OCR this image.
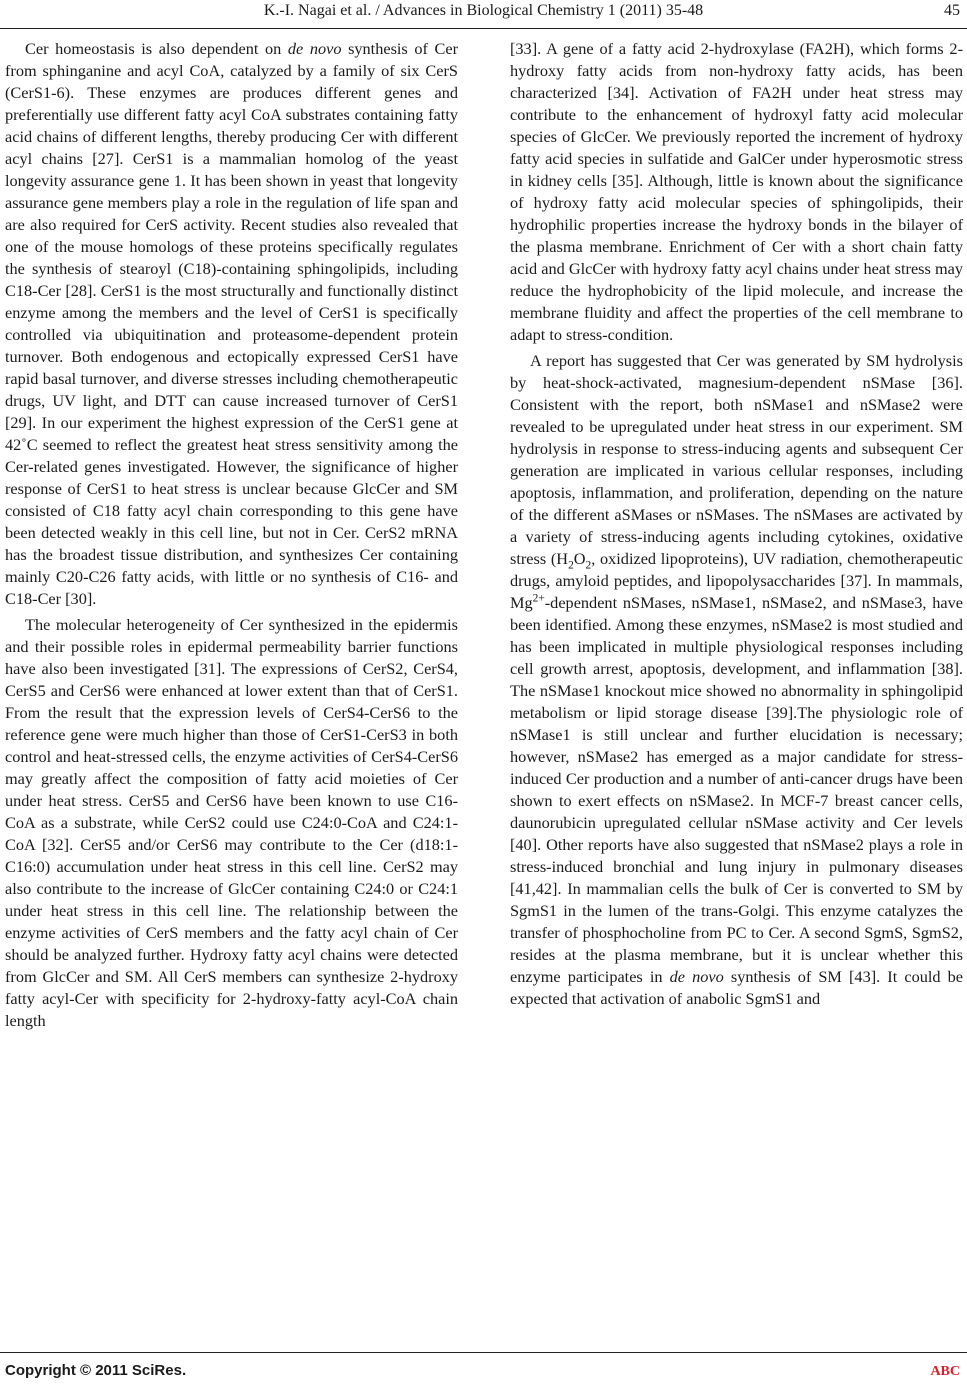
K.-I. Nagai et al. / Advances in Biological Chemistry 1 (2011) 35-48	45

Cer homeostasis is also dependent on de novo synthesis of Cer from sphinganine and acyl CoA, catalyzed by a family of six CerS (CerS1-6). These enzymes are produces different genes and preferentially use different fatty acyl CoA substrates containing fatty acid chains of different lengths, thereby producing Cer with different acyl chains [27]. CerS1 is a mammalian homolog of the yeast longevity assurance gene 1. It has been shown in yeast that longevity assurance gene members play a role in the regulation of life span and are also required for CerS activity. Recent studies also revealed that one of the mouse homologs of these proteins specifically regulates the synthesis of stearoyl (C18)-containing sphingolipids, including C18-Cer [28]. CerS1 is the most structurally and functionally distinct enzyme among the members and the level of CerS1 is specifically controlled via ubiquitination and proteasome-dependent protein turnover. Both endogenous and ectopically expressed CerS1 have rapid basal turnover, and diverse stresses including chemotherapeutic drugs, UV light, and DTT can cause increased turnover of CerS1 [29]. In our experiment the highest expression of the CerS1 gene at 42˚C seemed to reflect the greatest heat stress sensitivity among the Cer-related genes investigated. However, the significance of higher response of CerS1 to heat stress is unclear because GlcCer and SM consisted of C18 fatty acyl chain corresponding to this gene have been detected weakly in this cell line, but not in Cer. CerS2 mRNA has the broadest tissue distribution, and synthesizes Cer containing mainly C20-C26 fatty acids, with little or no synthesis of C16- and C18-Cer [30].

The molecular heterogeneity of Cer synthesized in the epidermis and their possible roles in epidermal permeability barrier functions have also been investigated [31]. The expressions of CerS2, CerS4, CerS5 and CerS6 were enhanced at lower extent than that of CerS1. From the result that the expression levels of CerS4-CerS6 to the reference gene were much higher than those of CerS1-CerS3 in both control and heat-stressed cells, the enzyme activities of CerS4-CerS6 may greatly affect the composition of fatty acid moieties of Cer under heat stress. CerS5 and CerS6 have been known to use C16-CoA as a substrate, while CerS2 could use C24:0-CoA and C24:1-CoA [32]. CerS5 and/or CerS6 may contribute to the Cer (d18:1-C16:0) accumulation under heat stress in this cell line. CerS2 may also contribute to the increase of GlcCer containing C24:0 or C24:1 under heat stress in this cell line. The relationship between the enzyme activities of CerS members and the fatty acyl chain of Cer should be analyzed further. Hydroxy fatty acyl chains were detected from GlcCer and SM. All CerS members can synthesize 2-hydroxy fatty acyl-Cer with specificity for 2-hydroxy-fatty acyl-CoA chain length

[33]. A gene of a fatty acid 2-hydroxylase (FA2H), which forms 2-hydroxy fatty acids from non-hydroxy fatty acids, has been characterized [34]. Activation of FA2H under heat stress may contribute to the enhancement of hydroxyl fatty acid molecular species of GlcCer. We previously reported the increment of hydroxy fatty acid species in sulfatide and GalCer under hyperosmotic stress in kidney cells [35]. Although, little is known about the significance of hydroxy fatty acid molecular species of sphingolipids, their hydrophilic properties increase the hydroxy bonds in the bilayer of the plasma membrane. Enrichment of Cer with a short chain fatty acid and GlcCer with hydroxy fatty acyl chains under heat stress may reduce the hydrophobicity of the lipid molecule, and increase the membrane fluidity and affect the properties of the cell membrane to adapt to stress-condition.

A report has suggested that Cer was generated by SM hydrolysis by heat-shock-activated, magnesium-dependent nSMase [36]. Consistent with the report, both nSMase1 and nSMase2 were revealed to be upregulated under heat stress in our experiment. SM hydrolysis in response to stress-inducing agents and subsequent Cer generation are implicated in various cellular responses, including apoptosis, inflammation, and proliferation, depending on the nature of the different aSMases or nSMases. The nSMases are activated by a variety of stress-inducing agents including cytokines, oxidative stress ($H_2O_2$, oxidized lipoproteins), UV radiation, chemotherapeutic drugs, amyloid peptides, and lipopolysaccharides [37]. In mammals, $Mg^{2+}$-dependent nSMases, nSMase1, nSMase2, and nSMase3, have been identified. Among these enzymes, nSMase2 is most studied and has been implicated in multiple physiological responses including cell growth arrest, apoptosis, development, and inflammation [38]. The nSMase1 knockout mice showed no abnormality in sphingolipid metabolism or lipid storage disease [39].The physiologic role of nSMase1 is still unclear and further elucidation is necessary; however, nSMase2 has emerged as a major candidate for stress-induced Cer production and a number of anti-cancer drugs have been shown to exert effects on nSMase2. In MCF-7 breast cancer cells, daunorubicin upregulated cellular nSMase activity and Cer levels [40]. Other reports have also suggested that nSMase2 plays a role in stress-induced bronchial and lung injury in pulmonary diseases [41,42]. In mammalian cells the bulk of Cer is converted to SM by SgmS1 in the lumen of the trans-Golgi. This enzyme catalyzes the transfer of phosphocholine from PC to Cer. A second SgmS, SgmS2, resides at the plasma membrane, but it is unclear whether this enzyme participates in de novo synthesis of SM [43]. It could be expected that activation of anabolic SgmS1 and

Copyright © 2011 SciRes.	ABC
